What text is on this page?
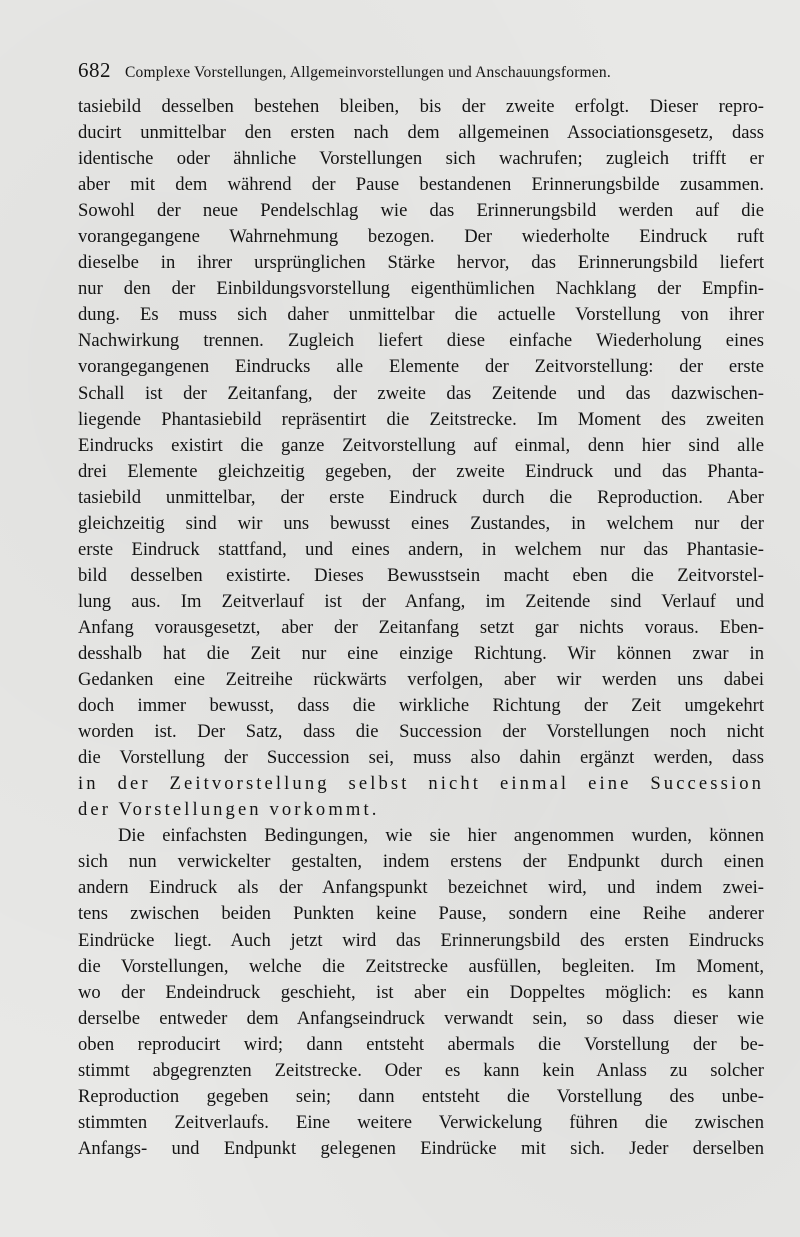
682 Complexe Vorstellungen, Allgemeinvorstellungen und Anschauungsformen.
tasiebild desselben bestehen bleiben, bis der zweite erfolgt. Dieser repro-
ducirt unmittelbar den ersten nach dem allgemeinen Associationsgesetz, dass
identische oder ähnliche Vorstellungen sich wachrufen; zugleich trifft er
aber mit dem während der Pause bestandenen Erinnerungsbilde zusammen.
Sowohl der neue Pendelschlag wie das Erinnerungsbild werden auf die
vorangegangene Wahrnehmung bezogen. Der wiederholte Eindruck ruft
dieselbe in ihrer ursprünglichen Stärke hervor, das Erinnerungsbild liefert
nur den der Einbildungsvorstellung eigenthümlichen Nachklang der Empfin-
dung. Es muss sich daher unmittelbar die actuelle Vorstellung von ihrer
Nachwirkung trennen. Zugleich liefert diese einfache Wiederholung eines
vorangegangenen Eindrucks alle Elemente der Zeitvorstellung: der erste
Schall ist der Zeitanfang, der zweite das Zeitende und das dazwischen-
liegende Phantasiebild repräsentirt die Zeitstrecke. Im Moment des zweiten
Eindrucks existirt die ganze Zeitvorstellung auf einmal, denn hier sind alle
drei Elemente gleichzeitig gegeben, der zweite Eindruck und das Phanta-
tasiebild unmittelbar, der erste Eindruck durch die Reproduction. Aber
gleichzeitig sind wir uns bewusst eines Zustandes, in welchem nur der
erste Eindruck stattfand, und eines andern, in welchem nur das Phantasie-
bild desselben existirte. Dieses Bewusstsein macht eben die Zeitvorstel-
lung aus. Im Zeitverlauf ist der Anfang, im Zeitende sind Verlauf und
Anfang vorausgesetzt, aber der Zeitanfang setzt gar nichts voraus. Eben-
desshalb hat die Zeit nur eine einzige Richtung. Wir können zwar in
Gedanken eine Zeitreihe rückwärts verfolgen, aber wir werden uns dabei
doch immer bewusst, dass die wirkliche Richtung der Zeit umgekehrt
worden ist. Der Satz, dass die Succession der Vorstellungen noch nicht
die Vorstellung der Succession sei, muss also dahin ergänzt werden, dass
in der Zeitvorstellung selbst nicht einmal eine Succession
der Vorstellungen vorkommt.
Die einfachsten Bedingungen, wie sie hier angenommen wurden, können
sich nun verwickelter gestalten, indem erstens der Endpunkt durch einen
andern Eindruck als der Anfangspunkt bezeichnet wird, und indem zwei-
tens zwischen beiden Punkten keine Pause, sondern eine Reihe anderer
Eindrücke liegt. Auch jetzt wird das Erinnerungsbild des ersten Eindrucks
die Vorstellungen, welche die Zeitstrecke ausfüllen, begleiten. Im Moment,
wo der Endeindruck geschieht, ist aber ein Doppeltes möglich: es kann
derselbe entweder dem Anfangseindruck verwandt sein, so dass dieser wie
oben reproducirt wird; dann entsteht abermals die Vorstellung der be-
stimmt abgegrenzten Zeitstrecke. Oder es kann kein Anlass zu solcher
Reproduction gegeben sein; dann entsteht die Vorstellung des unbe-
stimmten Zeitverlaufs. Eine weitere Verwickelung führen die zwischen
Anfangs- und Endpunkt gelegenen Eindrücke mit sich. Jeder derselben
